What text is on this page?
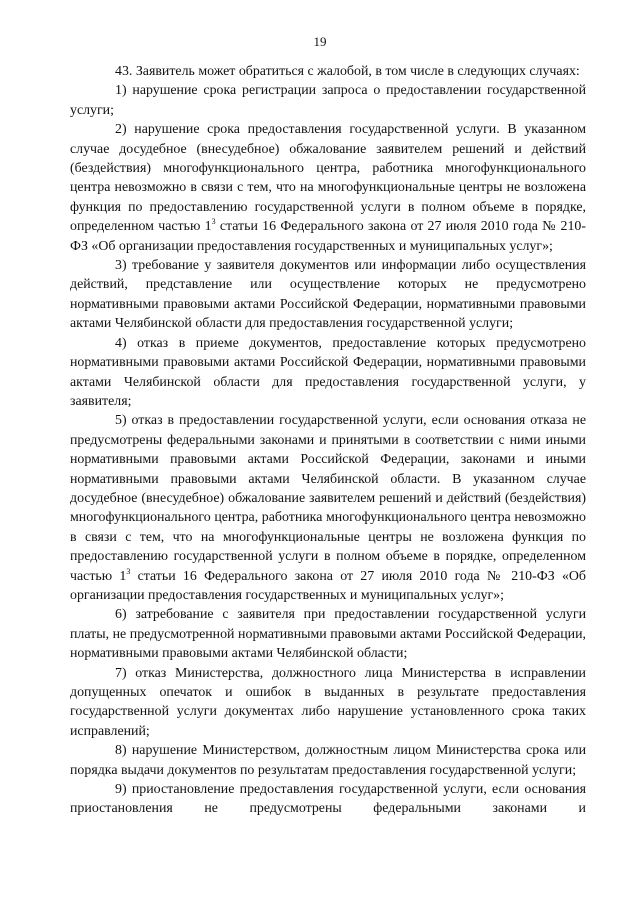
19

43. Заявитель может обратиться с жалобой, в том числе в следующих случаях:

1) нарушение срока регистрации запроса о предоставлении государственной услуги;

2) нарушение срока предоставления государственной услуги. В указанном случае досудебное (внесудебное) обжалование заявителем решений и действий (бездействия) многофункционального центра, работника многофункционального центра невозможно в связи с тем, что на многофункциональные центры не возложена функция по предоставлению государственной услуги в полном объеме в порядке, определенном частью $1^3$ статьи 16 Федерального закона от 27 июля 2010 года № 210-ФЗ «Об организации предоставления государственных и муниципальных услуг»;

3) требование у заявителя документов или информации либо осуществления действий, представление или осуществление которых не предусмотрено нормативными правовыми актами Российской Федерации, нормативными правовыми актами Челябинской области для предоставления государственной услуги;

4) отказ в приеме документов, предоставление которых предусмотрено нормативными правовыми актами Российской Федерации, нормативными правовыми актами Челябинской области для предоставления государственной услуги, у заявителя;

5) отказ в предоставлении государственной услуги, если основания отказа не предусмотрены федеральными законами и принятыми в соответствии с ними иными нормативными правовыми актами Российской Федерации, законами и иными нормативными правовыми актами Челябинской области. В указанном случае досудебное (внесудебное) обжалование заявителем решений и действий (бездействия) многофункционального центра, работника многофункционального центра невозможно в связи с тем, что на многофункциональные центры не возложена функция по предоставлению государственной услуги в полном объеме в порядке, определенном частью $1^3$ статьи 16 Федерального закона от 27 июля 2010 года № 210-ФЗ «Об организации предоставления государственных и муниципальных услуг»;

6) затребование с заявителя при предоставлении государственной услуги платы, не предусмотренной нормативными правовыми актами Российской Федерации, нормативными правовыми актами Челябинской области;

7) отказ Министерства, должностного лица Министерства в исправлении допущенных опечаток и ошибок в выданных в результате предоставления государственной услуги документах либо нарушение установленного срока таких исправлений;

8) нарушение Министерством, должностным лицом Министерства срока или порядка выдачи документов по результатам предоставления государственной услуги;

9) приостановление предоставления государственной услуги, если основания приостановления не предусмотрены федеральными законами и
